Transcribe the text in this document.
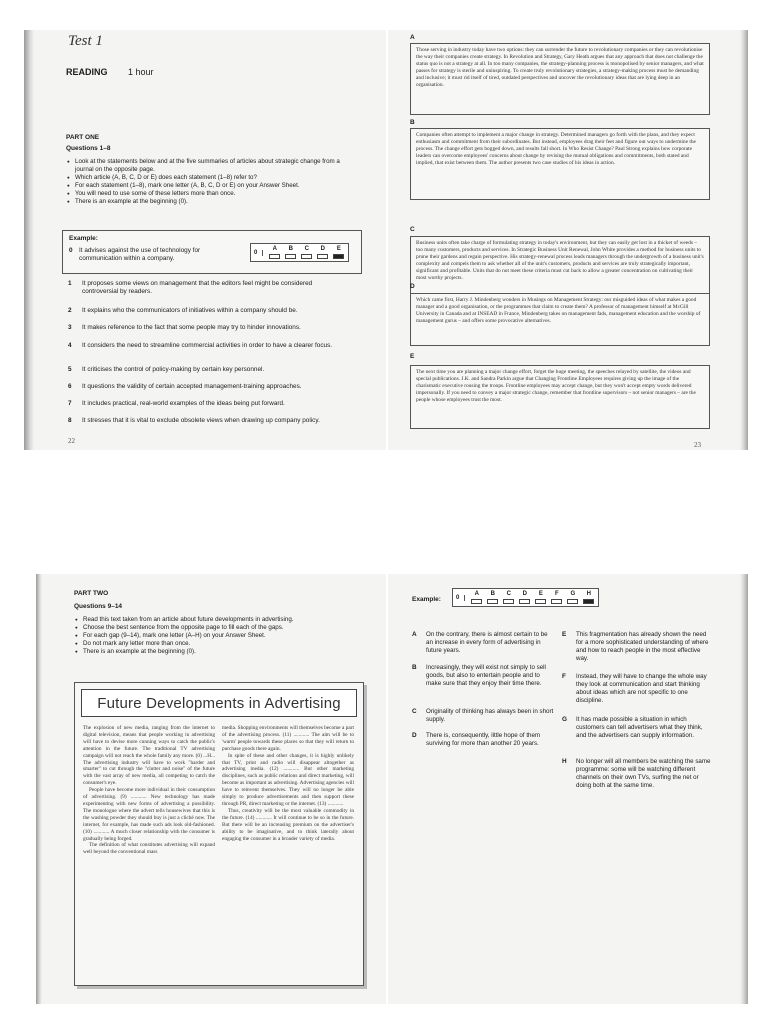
Test 1
READING 1 hour
PART ONE
Questions 1–8
● Look at the statements below and at the five summaries of articles about strategic change from a journal on the opposite page.
● Which article (A, B, C, D or E) does each statement (1–8) refer to?
● For each statement (1–8), mark one letter (A, B, C, D or E) on your Answer Sheet.
● You will need to use some of these letters more than once.
● There is an example at the beginning (0).
Example:
0 It advises against the use of technology for communication within a company.
0
A	B	C	D	E
1 It proposes some views on management that the editors feel might be considered controversial by readers.
2 It explains who the communicators of initiatives within a company should be.
3 It makes reference to the fact that some people may try to hinder innovations.
4 It considers the need to streamline commercial activities in order to have a clearer focus.
5 It criticises the control of policy-making by certain key personnel.
6 It questions the validity of certain accepted management-training approaches.
7 It includes practical, real-world examples of the ideas being put forward.
8 It stresses that it is vital to exclude obsolete views when drawing up company policy.
22
A
Those serving in industry today have two options: they can surrender the future to revolutionary companies or they can revolutionise the way their companies create strategy. In Revolution and Strategy, Gary Heath argues that any approach that does not challenge the status quo is not a strategy at all. In too many companies, the strategy-planning process is monopolised by senior managers, and what passes for strategy is sterile and uninspiring. To create truly revolutionary strategies, a strategy-making process must be demanding and inclusive; it must rid itself of tired, outdated perspectives and uncover the revolutionary ideas that are lying deep in an organisation.
B
Companies often attempt to implement a major change in strategy. Determined managers go forth with the plans, and they expect enthusiasm and commitment from their subordinates. But instead, employees drag their feet and figure out ways to undermine the process. The change effort gets bogged down, and results fall short. In Who Resist Change? Paul Strong explains how corporate leaders can overcome employees' concerns about change by revising the mutual obligations and commitments, both stated and implied, that exist between them. The author presents two case studies of his ideas in action.
C
Business units often take charge of formulating strategy in today's environment, but they can easily get lost in a thicket of weeds – too many customers, products and services. In Strategic Business Unit Renewal, John White provides a method for business units to prune their gardens and regain perspective. His strategy-renewal process leads managers through the undergrowth of a business unit's complexity and compels them to ask whether all of the unit's customers, products and services are truly strategically important, significant and profitable. Units that do not meet these criteria must cut back to allow a greater concentration on cultivating their most worthy projects.
D
Which came first, Harry J. Mindenberg wonders in Musings on Management Strategy: our misguided ideas of what makes a good manager and a good organisation, or the programmes that claim to create them? A professor of management himself at McGill University in Canada and at INSEAD in France, Mindenberg takes on management fads, management education and the worship of management gurus – and offers some provocative alternatives.
E
The next time you are planning a major change effort, forget the huge meeting, the speeches relayed by satellite, the videos and special publications. J.K. and Sandra Parkin argue that Changing Frontline Employees requires giving up the image of the charismatic executive rousing the troops. Frontline employees may accept change, but they won't accept empty words delivered impersonally. If you need to convey a major strategic change, remember that frontline supervisors – not senior managers – are the people whose employees trust the most.
23
PART TWO
Questions 9–14
● Read this text taken from an article about future developments in advertising.
● Choose the best sentence from the opposite page to fill each of the gaps.
● For each gap (9–14), mark one letter (A–H) on your Answer Sheet.
● Do not mark any letter more than once.
● There is an example at the beginning (0).
Future Developments in Advertising

The explosion of new media, ranging from the internet to digital television, means that people working in advertising will have to devise more cunning ways to catch the public's attention in the future. The traditional TV advertising campaign will not reach the whole family any more. (0) ...H... The advertising industry will have to work "harder and smarter" to cut through the "clutter and noise" of the future with the vast array of new media, all competing to catch the consumer's eye.

People have become more individual in their consumption of advertising. (9) ............ New technology has made experimenting with new forms of advertising a possibility. The monologue where the advert tells housewives that this is the washing powder they should buy is just a cliché now. The internet, for example, has made such ads look old-fashioned. (10) ............ A much closer relationship with the consumer is gradually being forged.

The definition of what constitutes advertising will expand well beyond the conventional mass

media. Shopping environments will themselves become a part of the advertising process. (11) ............ The aim will be to 'warm' people towards these places so that they will return to purchase goods there again.

In spite of these and other changes, it is highly unlikely that TV, print and radio will disappear altogether as advertising media. (12) ............ But other marketing disciplines, such as public relations and direct marketing, will become as important as advertising. Advertising agencies will have to reinvent themselves. They will no longer be able simply to produce advertisements and then support these through PR, direct marketing or the internet. (13) ............

Thus, creativity will be the most valuable commodity in the future. (14) ............ It will continue to be so in the future. But there will be an increasing premium on the advertiser's ability to be imaginative, and to think laterally about engaging the consumer in a broader variety of media.

Example:	0
A	B	C	D	E	F	G	H
A On the contrary, there is almost certain to be an increase in every form of advertising in future years.
B Increasingly, they will exist not simply to sell goods, but also to entertain people and to make sure that they enjoy their time there.
C Originality of thinking has always been in short supply.
D There is, consequently, little hope of them surviving for more than another 20 years.
E This fragmentation has already shown the need for a more sophisticated understanding of where and how to reach people in the most effective way.
F Instead, they will have to change the whole way they look at communication and start thinking about ideas which are not specific to one discipline.
G It has made possible a situation in which customers can tell advertisers what they think, and the advertisers can supply information.
H No longer will all members be watching the same programme: some will be watching different channels on their own TVs, surfing the net or doing both at the same time.
